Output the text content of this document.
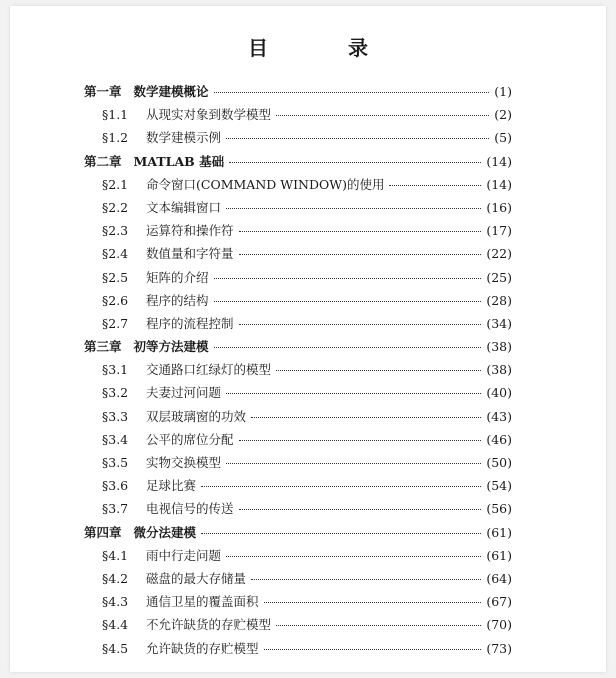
目　录
第一章 数学建模概论	(1)
§1.1	从现实对象到数学模型	(2)
§1.2	数学建模示例	(5)
第二章 MATLAB 基础	(14)
§2.1	命令窗口(COMMAND WINDOW)的使用	(14)
§2.2	文本编辑窗口	(16)
§2.3	运算符和操作符	(17)
§2.4	数值量和字符量	(22)
§2.5	矩阵的介绍	(25)
§2.6	程序的结构	(28)
§2.7	程序的流程控制	(34)
第三章 初等方法建模	(38)
§3.1	交通路口红绿灯的模型	(38)
§3.2	夫妻过河问题	(40)
§3.3	双层玻璃窗的功效	(43)
§3.4	公平的席位分配	(46)
§3.5	实物交换模型	(50)
§3.6	足球比赛	(54)
§3.7	电视信号的传送	(56)
第四章 微分法建模	(61)
§4.1	雨中行走问题	(61)
§4.2	磁盘的最大存储量	(64)
§4.3	通信卫星的覆盖面积	(67)
§4.4	不允许缺货的存贮模型	(70)
§4.5	允许缺货的存贮模型	(73)
